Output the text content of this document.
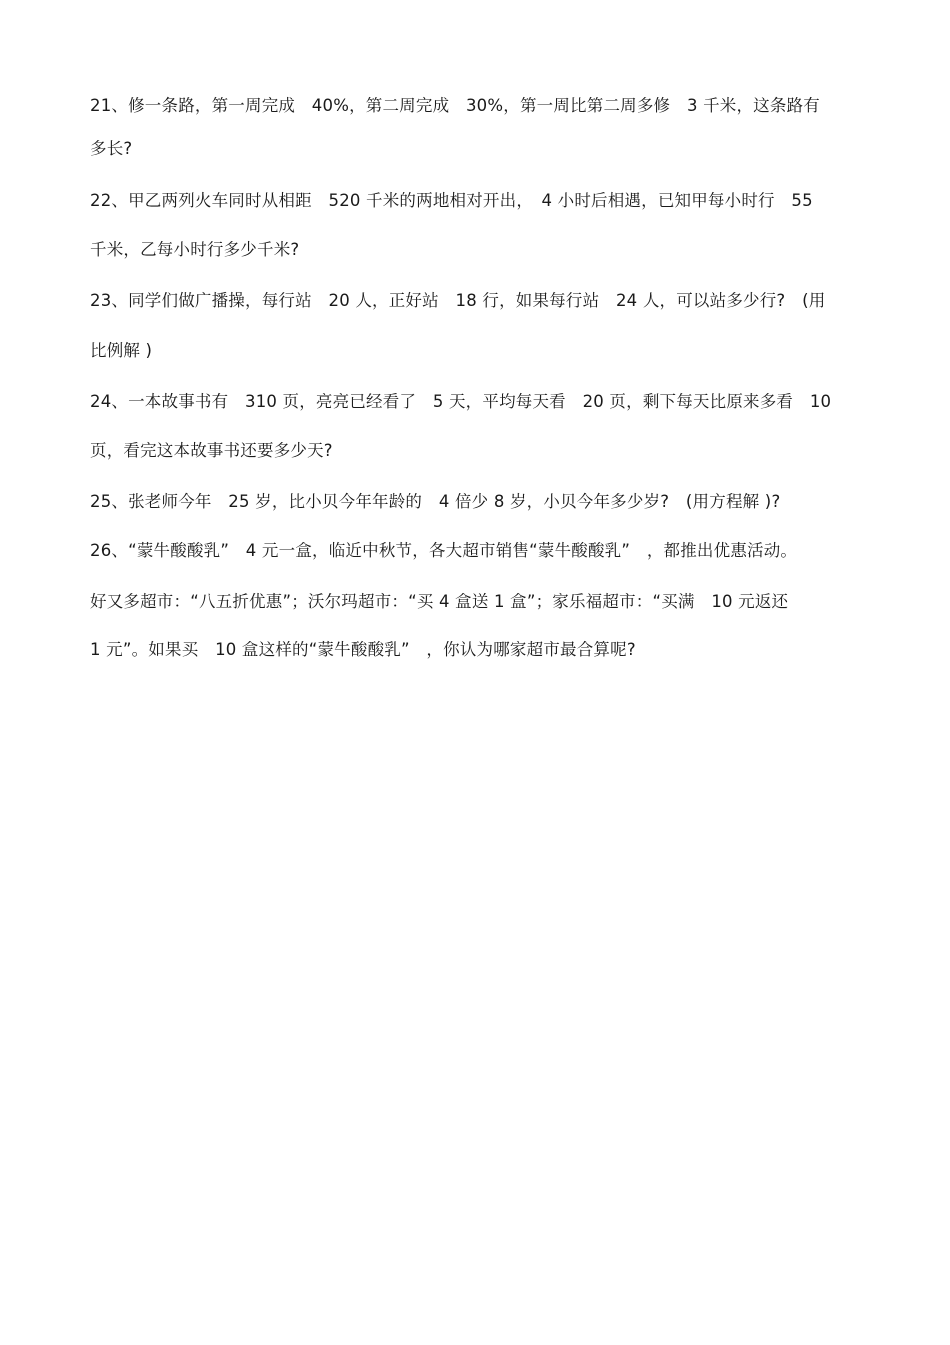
21、修一条路，第一周完成　40%，第二周完成　30%，第一周比第二周多修　3 千米，这条路有

多长?

22、甲乙两列火车同时从相距　520 千米的两地相对开出，　4 小时后相遇，已知甲每小时行　55

千米，乙每小时行多少千米?

23、同学们做广播操，每行站　20 人，正好站　18 行，如果每行站　24 人，可以站多少行?　(用

比例解 )

24、一本故事书有　310 页，亮亮已经看了　5 天，平均每天看　20 页，剩下每天比原来多看　10

页，看完这本故事书还要多少天?

25、张老师今年　25 岁，比小贝今年年龄的　4 倍少 8 岁，小贝今年多少岁?　(用方程解 )?

26、“蒙牛酸酸乳”　4 元一盒，临近中秋节，各大超市销售“蒙牛酸酸乳”　，都推出优惠活动。

好又多超市：“八五折优惠”；沃尔玛超市：“买 4 盒送 1 盒”；家乐福超市：“买满　10 元返还

1 元”。如果买　10 盒这样的“蒙牛酸酸乳”　，你认为哪家超市最合算呢?
